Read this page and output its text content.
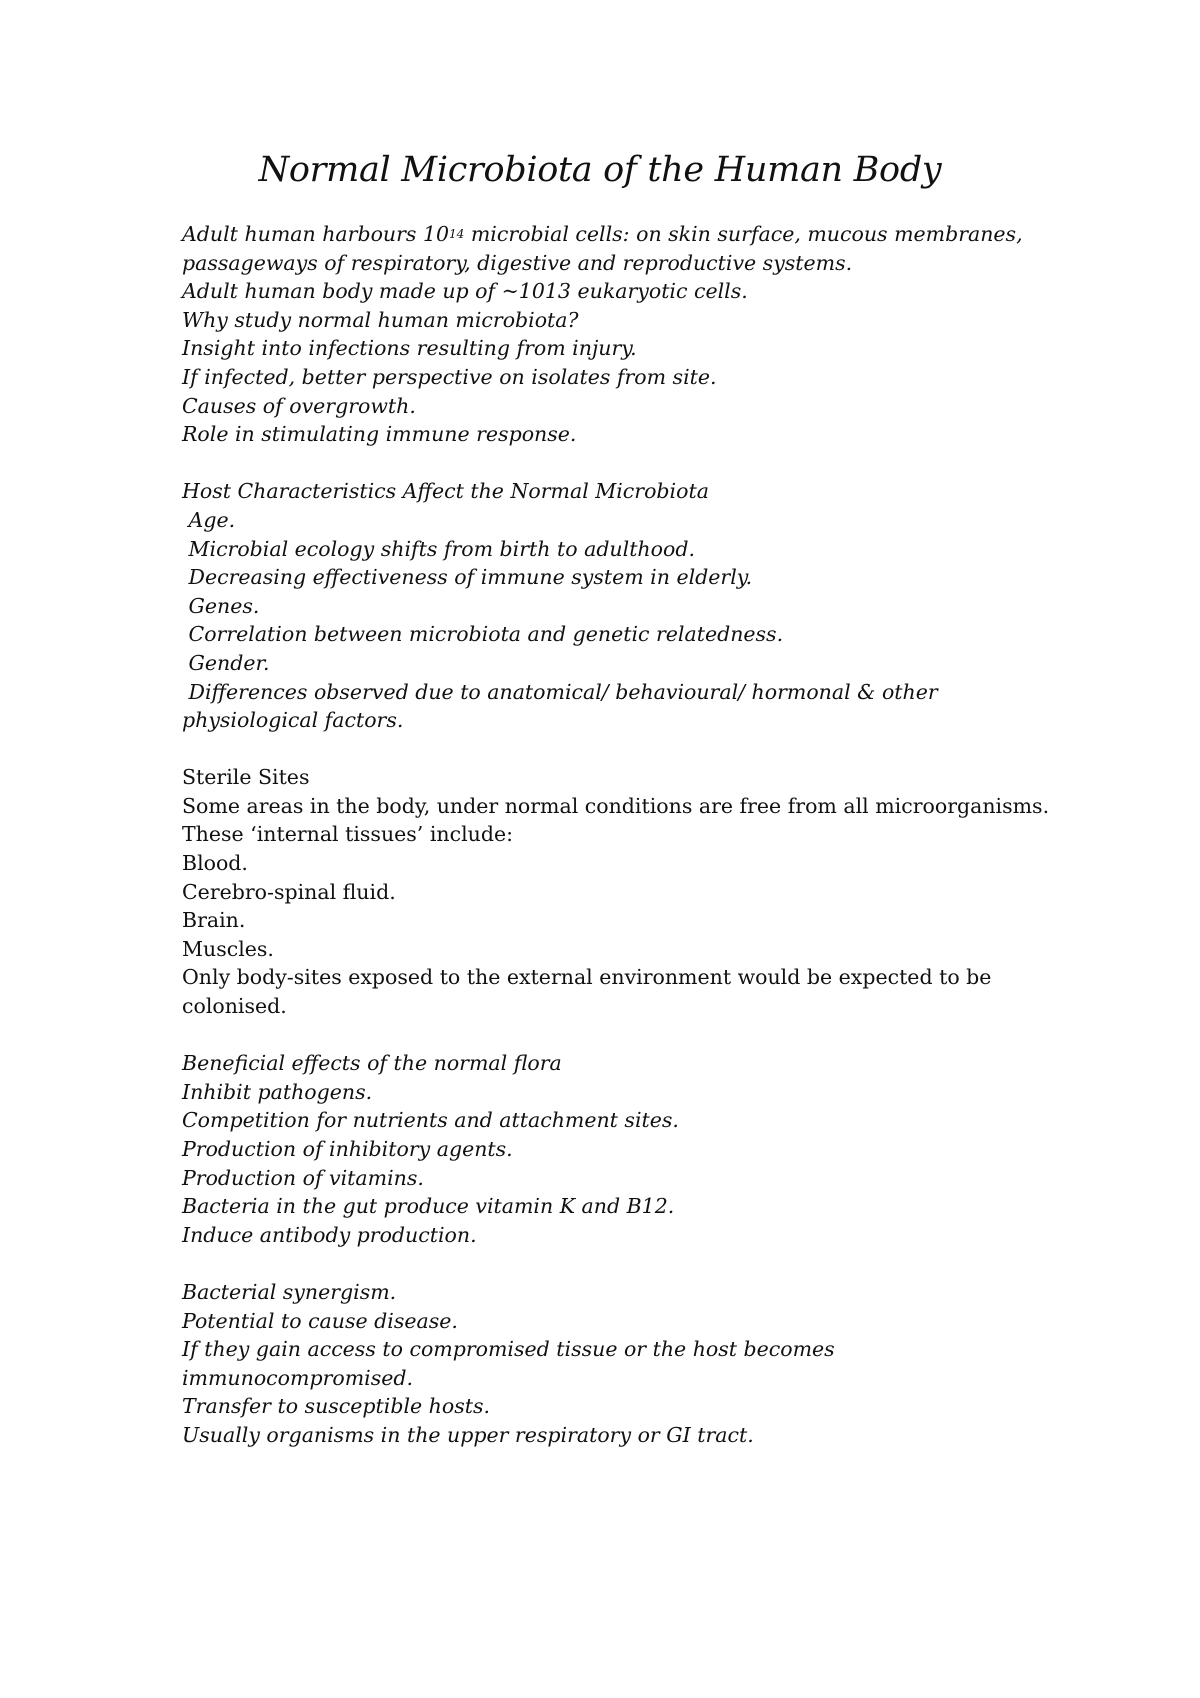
Normal Microbiota of the Human Body
Adult human harbours $10^{14}$ microbial cells: on skin surface, mucous membranes,
passageways of respiratory, digestive and reproductive systems.
Adult human body made up of ~1013 eukaryotic cells.
Why study normal human microbiota?
Insight into infections resulting from injury.
If infected, better perspective on isolates from site.
Causes of overgrowth.
Role in stimulating immune response.
Host Characteristics Affect the Normal Microbiota
Age.
Microbial ecology shifts from birth to adulthood.
Decreasing effectiveness of immune system in elderly.
Genes.
Correlation between microbiota and genetic relatedness.
Gender.
Differences observed due to anatomical/ behavioural/ hormonal & other
physiological factors.
Sterile Sites
Some areas in the body, under normal conditions are free from all microorganisms.
These ‘internal tissues’ include:
Blood.
Cerebro-spinal fluid.
Brain.
Muscles.
Only body-sites exposed to the external environment would be expected to be
colonised.
Beneficial effects of the normal flora
Inhibit pathogens.
Competition for nutrients and attachment sites.
Production of inhibitory agents.
Production of vitamins.
Bacteria in the gut produce vitamin K and B12.
Induce antibody production.
Bacterial synergism.
Potential to cause disease.
If they gain access to compromised tissue or the host becomes
immunocompromised.
Transfer to susceptible hosts.
Usually organisms in the upper respiratory or GI tract.
